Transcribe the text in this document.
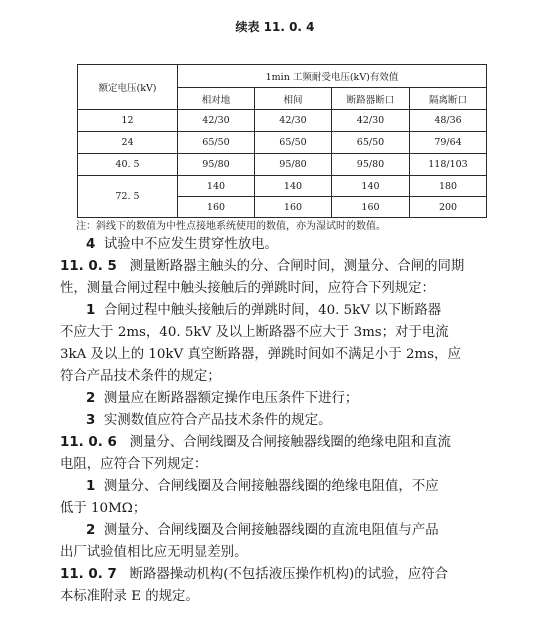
续表 11. 0. 4
额定电压(kV)	1min 工频耐受电压(kV)有效值			
	相对地	相间	断路器断口	隔离断口
12	42/30	42/30	42/30	48/36
24	65/50	65/50	65/50	79/64
40. 5	95/80	95/80	95/80	118/103
72. 5	140	140	140	180
	160	160	160	200
注：斜线下的数值为中性点接地系统使用的数值，亦为湿试时的数值。
4 试验中不应发生贯穿性放电。
11. 0. 5 测量断路器主触头的分、合闸时间，测量分、合闸的同期
性，测量合闸过程中触头接触后的弹跳时间，应符合下列规定：
1 合闸过程中触头接触后的弹跳时间，40. 5kV 以下断路器
不应大于 2ms，40. 5kV 及以上断路器不应大于 3ms；对于电流
3kA 及以上的 10kV 真空断路器，弹跳时间如不满足小于 2ms，应
符合产品技术条件的规定；
2 测量应在断路器额定操作电压条件下进行；
3 实测数值应符合产品技术条件的规定。
11. 0. 6 测量分、合闸线圈及合闸接触器线圈的绝缘电阻和直流
电阻，应符合下列规定：
1 测量分、合闸线圈及合闸接触器线圈的绝缘电阻值，不应
低于 10MΩ；
2 测量分、合闸线圈及合闸接触器线圈的直流电阻值与产品
出厂试验值相比应无明显差别。
11. 0. 7 断路器操动机构(不包括液压操作机构)的试验，应符合
本标准附录 E 的规定。
